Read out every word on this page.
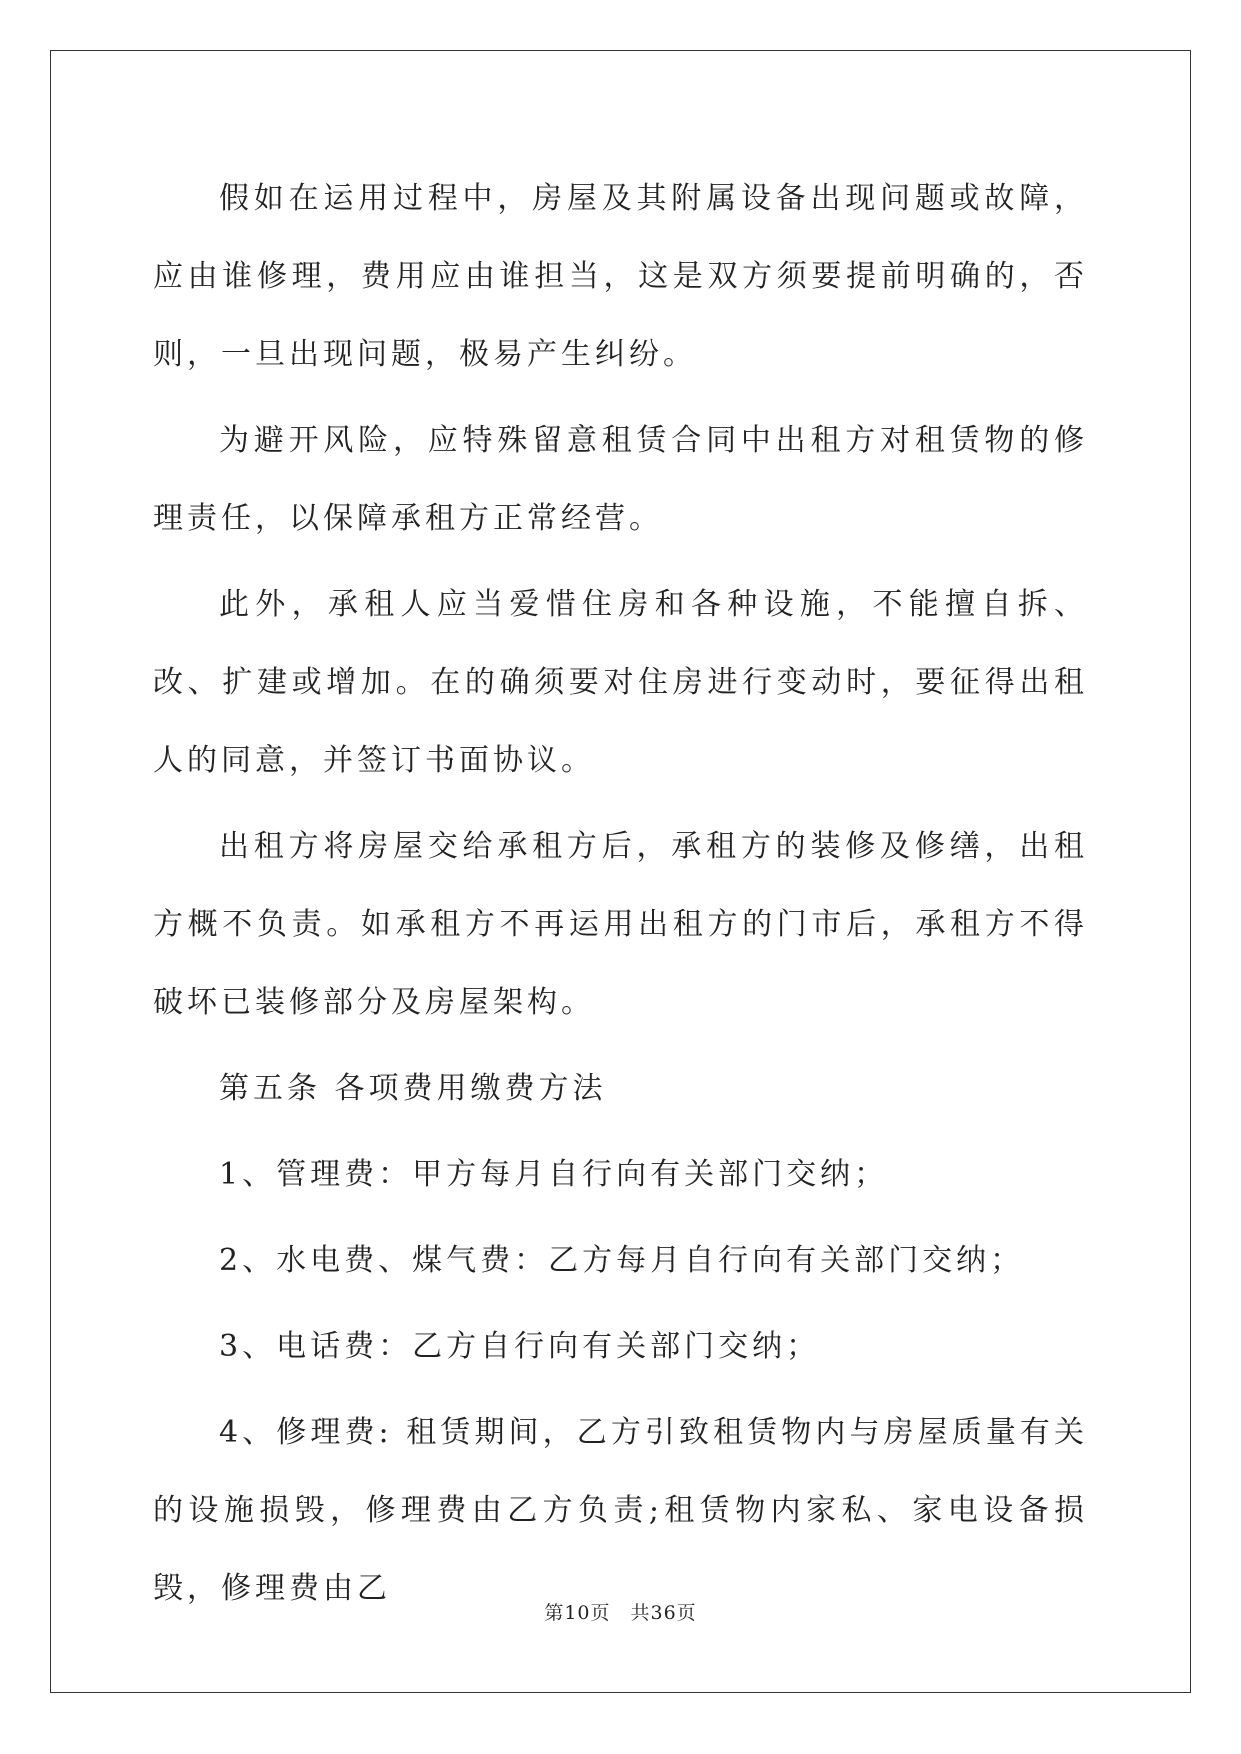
假如在运用过程中，房屋及其附属设备出现问题或故障，应由谁修理，费用应由谁担当，这是双方须要提前明确的，否则，一旦出现问题，极易产生纠纷。

为避开风险，应特殊留意租赁合同中出租方对租赁物的修理责任，以保障承租方正常经营。

此外，承租人应当爱惜住房和各种设施，不能擅自拆、改、扩建或增加。在的确须要对住房进行变动时，要征得出租人的同意，并签订书面协议。

出租方将房屋交给承租方后，承租方的装修及修缮，出租方概不负责。如承租方不再运用出租方的门市后，承租方不得破坏已装修部分及房屋架构。

第五条 各项费用缴费方法

1、管理费：甲方每月自行向有关部门交纳；

2、水电费、煤气费：乙方每月自行向有关部门交纳；

3、电话费：乙方自行向有关部门交纳；

4、修理费: 租赁期间，乙方引致租赁物内与房屋质量有关的设施损毁，修理费由乙方负责;租赁物内家私、家电设备损毁，修理费由乙

第10页　共36页
